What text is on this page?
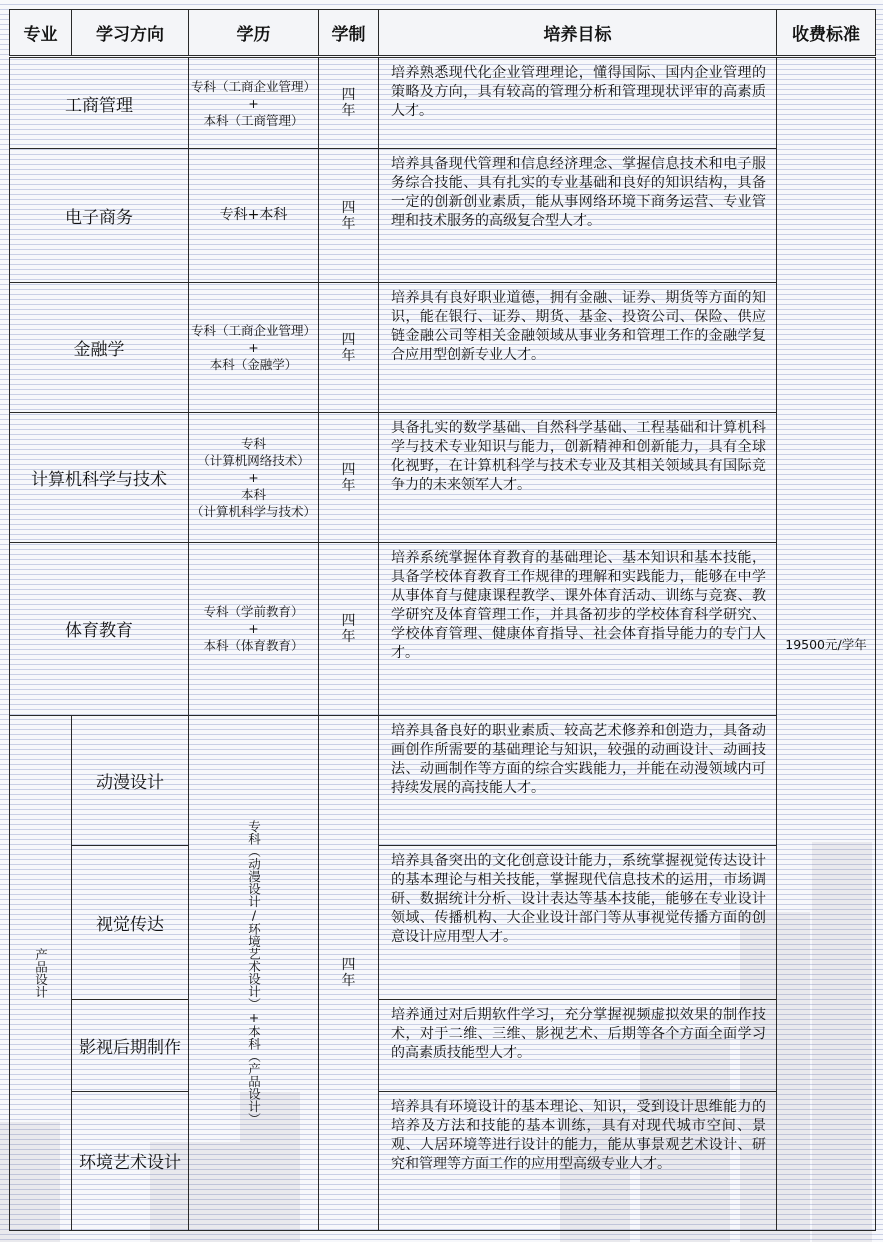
专业	学习方向	学历	学制	培养目标	收费标准
工商管理		专科（工商企业管理）
+
本科（工商管理）	四年	培养熟悉现代化企业管理理论，懂得国际、国内企业管理的策略及方向，具有较高的管理分析和管理现状评审的高素质人才。	19500元/学年
电子商务		专科+本科	四年	培养具备现代管理和信息经济理念、掌握信息技术和电子服务综合技能、具有扎实的专业基础和良好的知识结构，具备一定的创新创业素质，能从事网络环境下商务运营、专业管理和技术服务的高级复合型人才。	

金融学		专科（工商企业管理）
+
本科（金融学）	四年	培养具有良好职业道德，拥有金融、证券、期货等方面的知识，能在银行、证券、期货、基金、投资公司、保险、供应链金融公司等相关金融领域从事业务和管理工作的金融学复合应用型创新专业人才。	

计算机科学与技术		专科
（计算机网络技术）
+
本科
（计算机科学与技术）	四年	具备扎实的数学基础、自然科学基础、工程基础和计算机科学与技术专业知识与能力，创新精神和创新能力，具有全球化视野，在计算机科学与技术专业及其相关领域具有国际竞争力的未来领军人才。	

体育教育		专科（学前教育）
+
本科（体育教育）	四年	培养系统掌握体育教育的基础理论、基本知识和基本技能，具备学校体育教育工作规律的理解和实践能力，能够在中学从事体育与健康课程教学、课外体育活动、训练与竞赛、教学研究及体育管理工作，并具备初步的学校体育科学研究、学校体育管理、健康体育指导、社会体育指导能力的专门人才。	

产品设计	动漫设计	专科（动漫设计/环境艺术设计）+本科（产品设计）	四年	培养具备良好的职业素质、较高艺术修养和创造力，具备动画创作所需要的基础理论与知识，较强的动画设计、动画技法、动画制作等方面的综合实践能力，并能在动漫领域内可持续发展的高技能人才。	

	视觉传达			培养具备突出的文化创意设计能力，系统掌握视觉传达设计的基本理论与相关技能，掌握现代信息技术的运用，市场调研、数据统计分析、设计表达等基本技能，能够在专业设计领域、传播机构、大企业设计部门等从事视觉传播方面的创意设计应用型人才。	

	影视后期制作			培养通过对后期软件学习，充分掌握视频虚拟效果的制作技术，对于二维、三维、影视艺术、后期等各个方面全面学习的高素质技能型人才。	

	环境艺术设计			培养具有环境设计的基本理论、知识，受到设计思维能力的培养及方法和技能的基本训练，具有对现代城市空间、景观、人居环境等进行设计的能力，能从事景观艺术设计、研究和管理等方面工作的应用型高级专业人才。	
